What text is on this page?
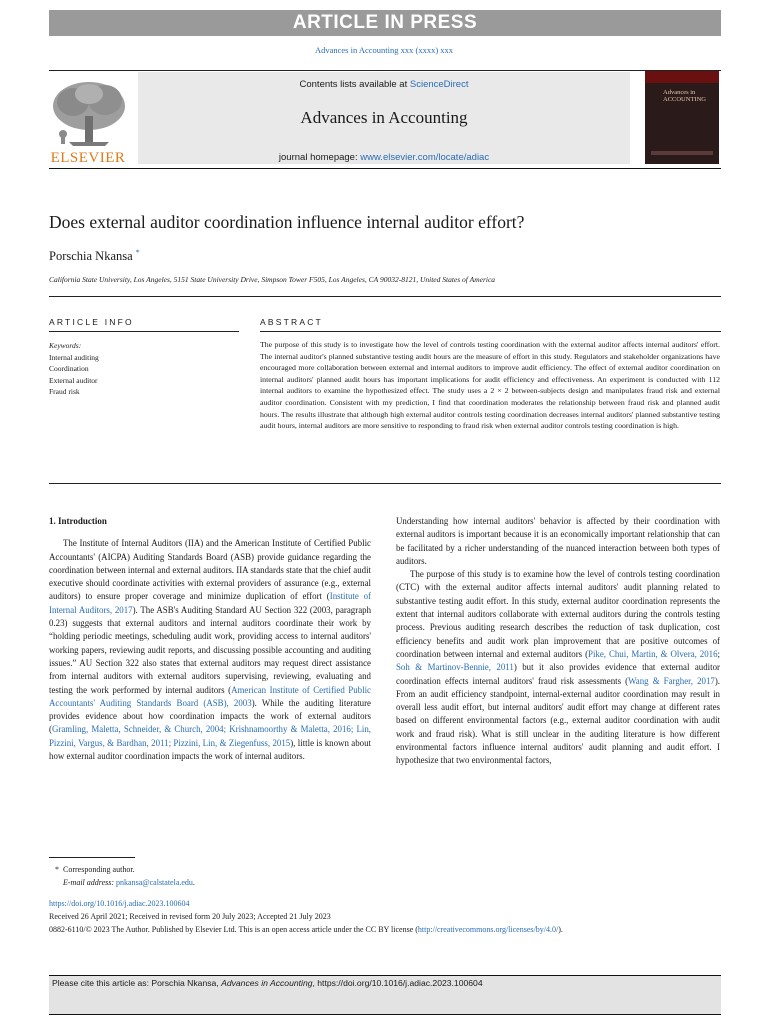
ARTICLE IN PRESS
Advances in Accounting xxx (xxxx) xxx
ELSEVIER
Contents lists available at ScienceDirect
Advances in Accounting
journal homepage: www.elsevier.com/locate/adiac
Advances in ACCOUNTING
Does external auditor coordination influence internal auditor effort?
Porschia Nkansa *
California State University, Los Angeles, 5151 State University Drive, Simpson Tower F505, Los Angeles, CA 90032-8121, United States of America
ARTICLE INFO
Keywords:
Internal auditing
Coordination
External auditor
Fraud risk
ABSTRACT

The purpose of this study is to investigate how the level of controls testing coordination with the external auditor affects internal auditors' effort. The internal auditor's planned substantive testing audit hours are the measure of effort in this study. Regulators and stakeholder organizations have encouraged more collaboration between external and internal auditors to improve audit efficiency. The effect of external auditor coordination on internal auditors' planned audit hours has important implications for audit efficiency and effectiveness. An experiment is conducted with 112 internal auditors to examine the hypothesized effect. The study uses a 2 × 2 between-subjects design and manipulates fraud risk and external auditor coordination. Consistent with my prediction, I find that coordination moderates the relationship between fraud risk and planned audit hours. The results illustrate that although high external auditor controls testing coordination decreases internal auditors' planned substantive testing audit hours, internal auditors are more sensitive to responding to fraud risk when external auditor controls testing coordination is high.

1. Introduction

The Institute of Internal Auditors (IIA) and the American Institute of Certified Public Accountants' (AICPA) Auditing Standards Board (ASB) provide guidance regarding the coordination between internal and external auditors. IIA standards state that the chief audit executive should coordinate activities with external providers of assurance (e.g., external auditors) to ensure proper coverage and minimize duplication of effort (Institute of Internal Auditors, 2017). The ASB's Auditing Standard AU Section 322 (2003, paragraph 0.23) suggests that external auditors and internal auditors coordinate their work by “holding periodic meetings, scheduling audit work, providing access to internal auditors' working papers, reviewing audit reports, and discussing possible accounting and auditing issues.” AU Section 322 also states that external auditors may request direct assistance from internal auditors with external auditors supervising, reviewing, evaluating and testing the work performed by internal auditors (American Institute of Certified Public Accountants' Auditing Standards Board (ASB), 2003). While the auditing literature provides evidence about how coordination impacts the work of external auditors (Gramling, Maletta, Schneider, & Church, 2004; Krishnamoorthy & Maletta, 2016; Lin, Pizzini, Vargus, & Bardhan, 2011; Pizzini, Lin, & Ziegenfuss, 2015), little is known about how external auditor coordination impacts the work of internal auditors.

Understanding how internal auditors' behavior is affected by their coordination with external auditors is important because it is an economically important relationship that can be facilitated by a richer understanding of the nuanced interaction between both types of auditors.

The purpose of this study is to examine how the level of controls testing coordination (CTC) with the external auditor affects internal auditors' audit planning related to substantive testing audit effort. In this study, external auditor coordination represents the extent that internal auditors collaborate with external auditors during the controls testing process. Previous auditing research describes the reduction of task duplication, cost efficiency benefits and audit work plan improvement that are positive outcomes of coordination between internal and external auditors (Pike, Chui, Martin, & Olvera, 2016; Soh & Martinov-Bennie, 2011) but it also provides evidence that external auditor coordination effects internal auditors' fraud risk assessments (Wang & Fargher, 2017). From an audit efficiency standpoint, internal-external auditor coordination may result in overall less audit effort, but internal auditors' audit effort may change at different rates based on different environmental factors (e.g., external auditor coordination with audit work and fraud risk). What is still unclear in the auditing literature is how different environmental factors influence internal auditors' audit planning and audit effort. I hypothesize that two environmental factors,

* Corresponding author.
E-mail address: pnkansa@calstatela.edu.
https://doi.org/10.1016/j.adiac.2023.100604
Received 26 April 2021; Received in revised form 20 July 2023; Accepted 21 July 2023
0882-6110/© 2023 The Author. Published by Elsevier Ltd. This is an open access article under the CC BY license (http://creativecommons.org/licenses/by/4.0/).
Please cite this article as: Porschia Nkansa, Advances in Accounting, https://doi.org/10.1016/j.adiac.2023.100604
